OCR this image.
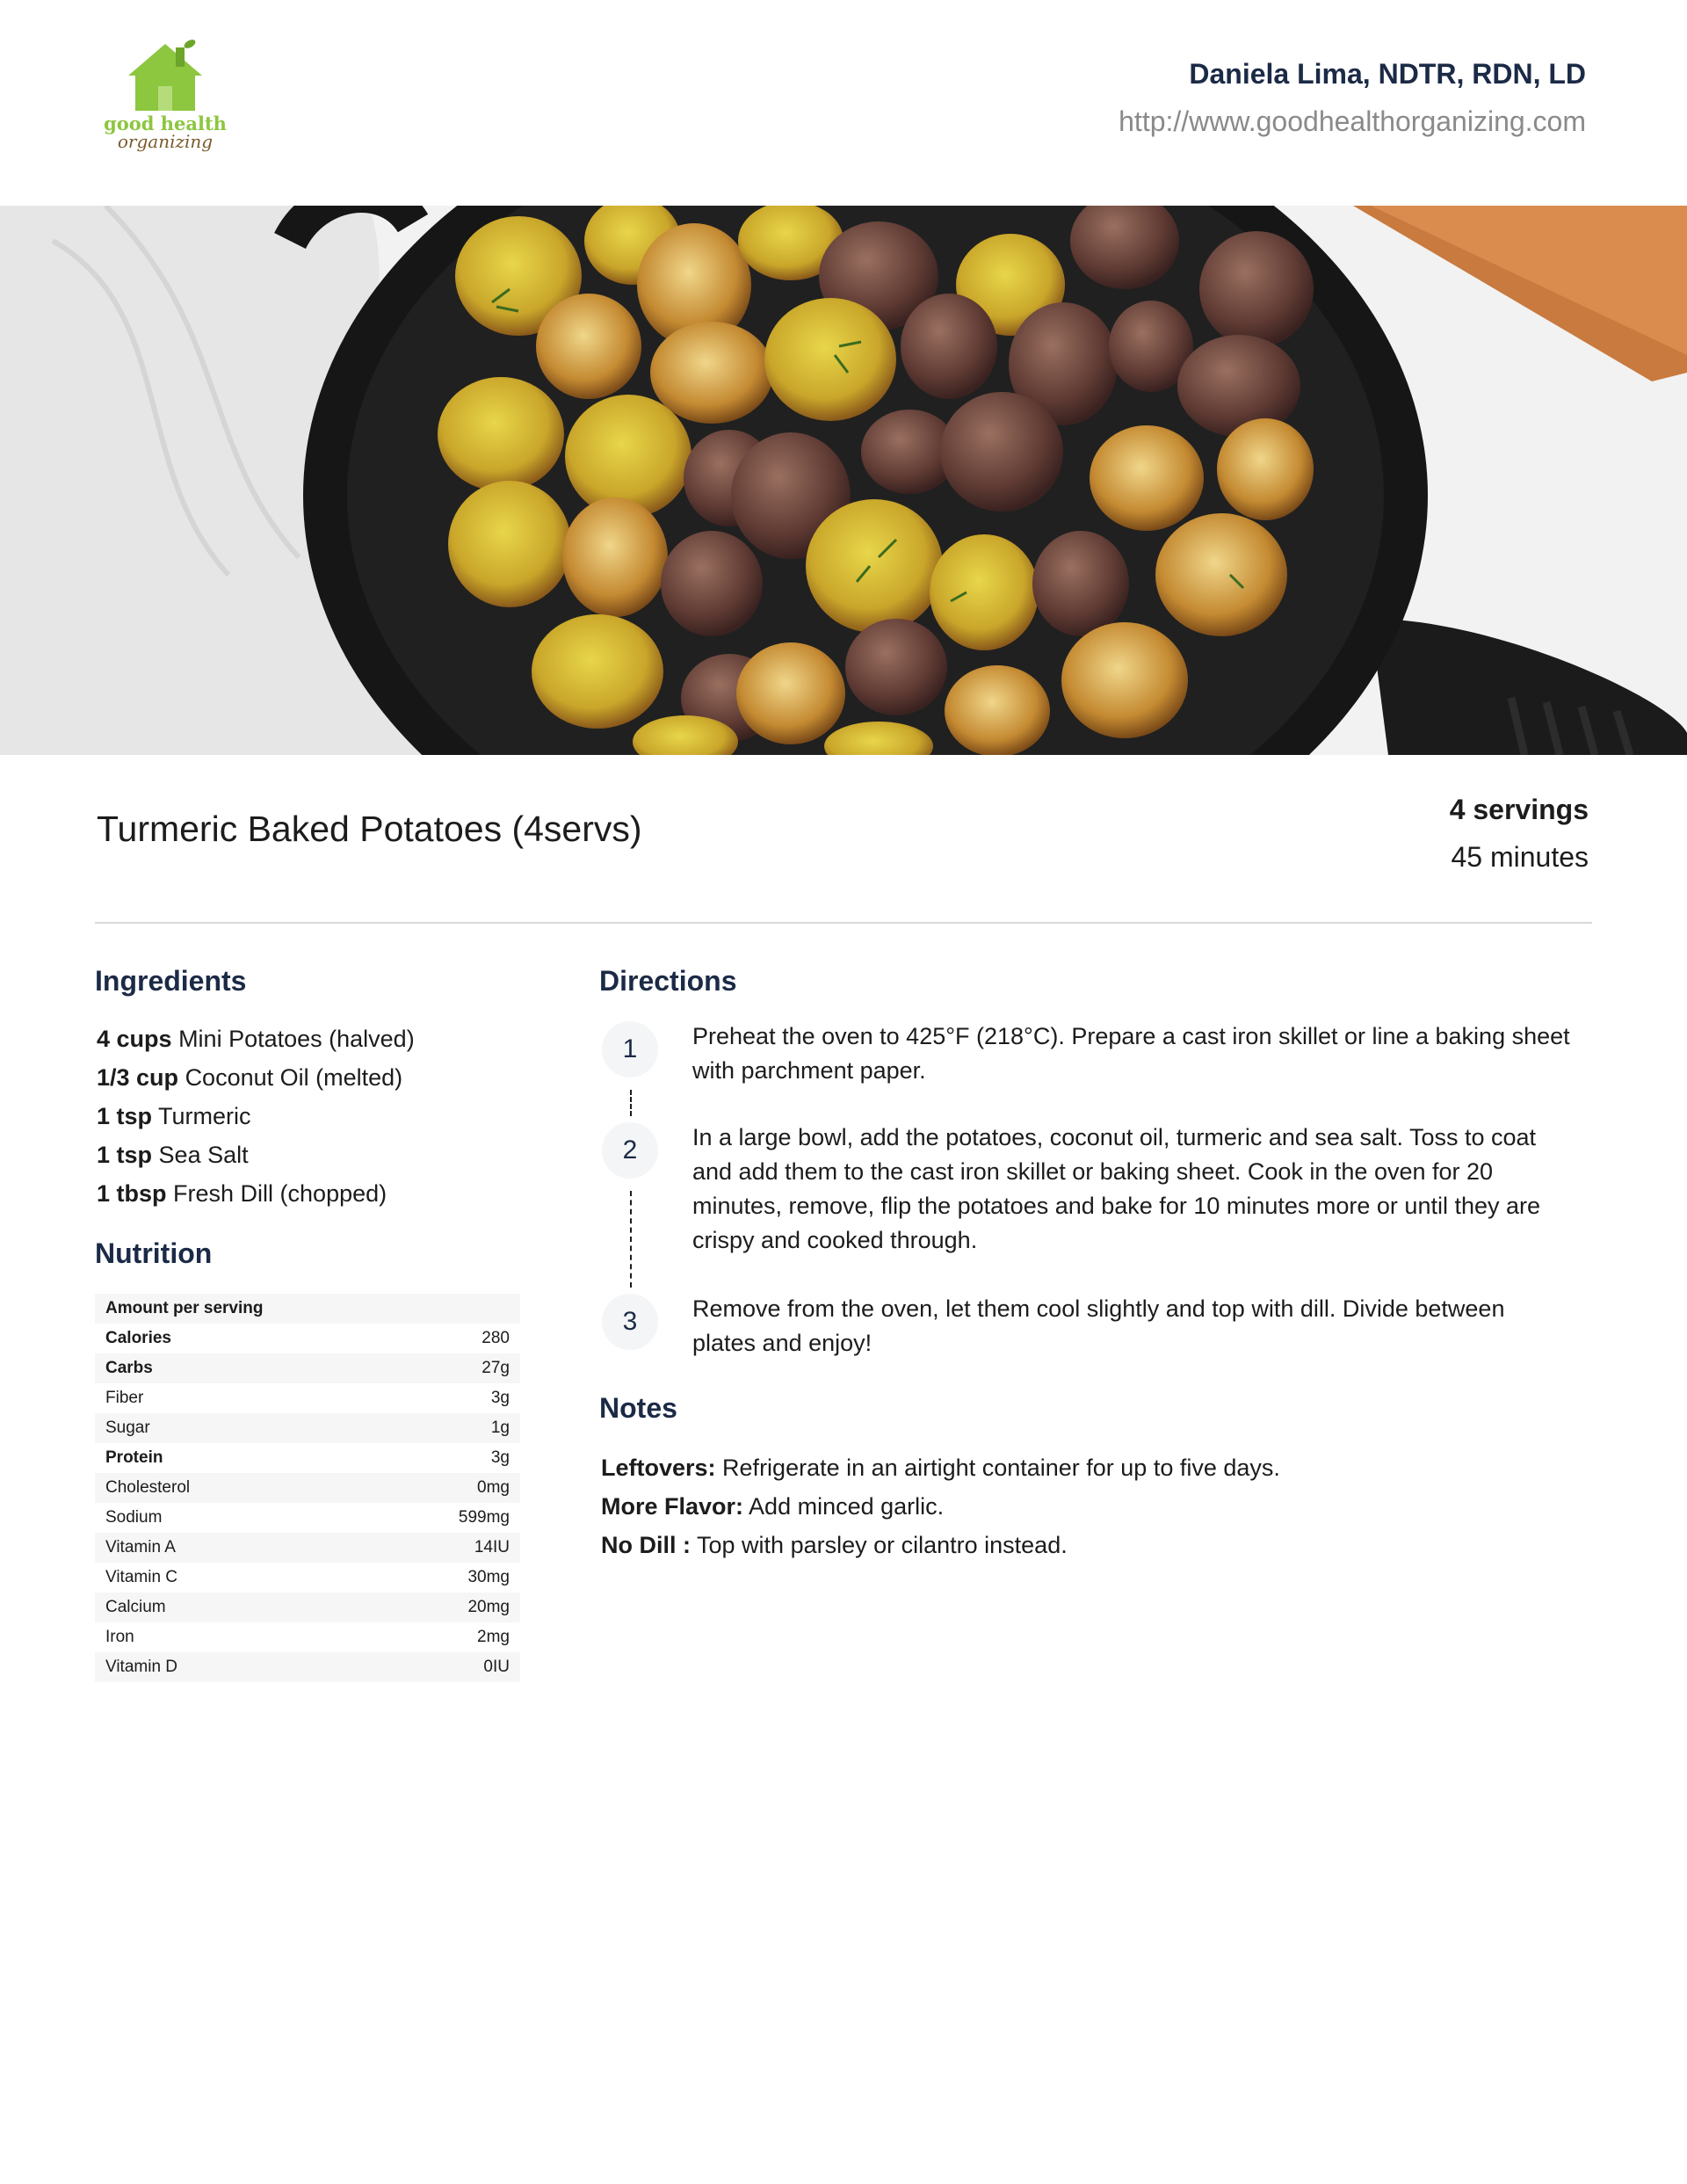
good health
organizing
Daniela Lima, NDTR, RDN, LD
http://www.goodhealthorganizing.com
Turmeric Baked Potatoes (4servs)	4 servings
45 minutes
Ingredients
4 cups Mini Potatoes (halved)
1/3 cup Coconut Oil (melted)
1 tsp Turmeric
1 tsp Sea Salt
1 tbsp Fresh Dill (chopped)
Nutrition
Amount per serving
Calories	280
Carbs	27g
Fiber	3g
Sugar	1g
Protein	3g
Cholesterol	0mg
Sodium	599mg
Vitamin A	14IU
Vitamin C	30mg
Calcium	20mg
Iron	2mg
Vitamin D	0IU
Directions
1	Preheat the oven to 425°F (218°C). Prepare a cast iron skillet or line a baking sheet with parchment paper.
2	In a large bowl, add the potatoes, coconut oil, turmeric and sea salt. Toss to coat and add them to the cast iron skillet or baking sheet. Cook in the oven for 20 minutes, remove, flip the potatoes and bake for 10 minutes more or until they are crispy and cooked through.
3	Remove from the oven, let them cool slightly and top with dill. Divide between plates and enjoy!
Notes
Leftovers: Refrigerate in an airtight container for up to five days.
More Flavor: Add minced garlic.
No Dill : Top with parsley or cilantro instead.
